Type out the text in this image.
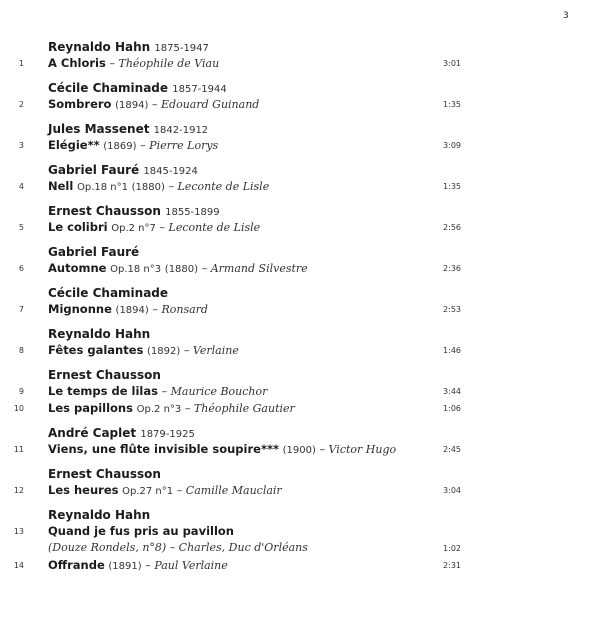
3
Reynaldo Hahn 1875-1947
1 A Chloris – Théophile de Viau	3:01
Cécile Chaminade 1857-1944
2 Sombrero (1894) – Edouard Guinand	1:35
Jules Massenet 1842-1912
3 Elégie** (1869) – Pierre Lorys	3:09
Gabriel Fauré 1845-1924
4 Nell Op.18 n°1 (1880) – Leconte de Lisle	1:35
Ernest Chausson 1855-1899
5 Le colibri Op.2 n°7 – Leconte de Lisle	2:56
Gabriel Fauré
6 Automne Op.18 n°3 (1880) – Armand Silvestre	2:36
Cécile Chaminade
7 Mignonne (1894) – Ronsard	2:53
Reynaldo Hahn
8 Fêtes galantes (1892) – Verlaine	1:46
Ernest Chausson
9 Le temps de lilas – Maurice Bouchor	3:44
10 Les papillons Op.2 n°3 – Théophile Gautier	1:06
André Caplet 1879-1925
11 Viens, une flûte invisible soupire*** (1900) – Victor Hugo	2:45
Ernest Chausson
12 Les heures Op.27 n°1 – Camille Mauclair	3:04
Reynaldo Hahn
13 Quand je fus pris au pavillon
(Douze Rondels, n°8) – Charles, Duc d'Orléans	1:02
14 Offrande (1891) – Paul Verlaine	2:31
